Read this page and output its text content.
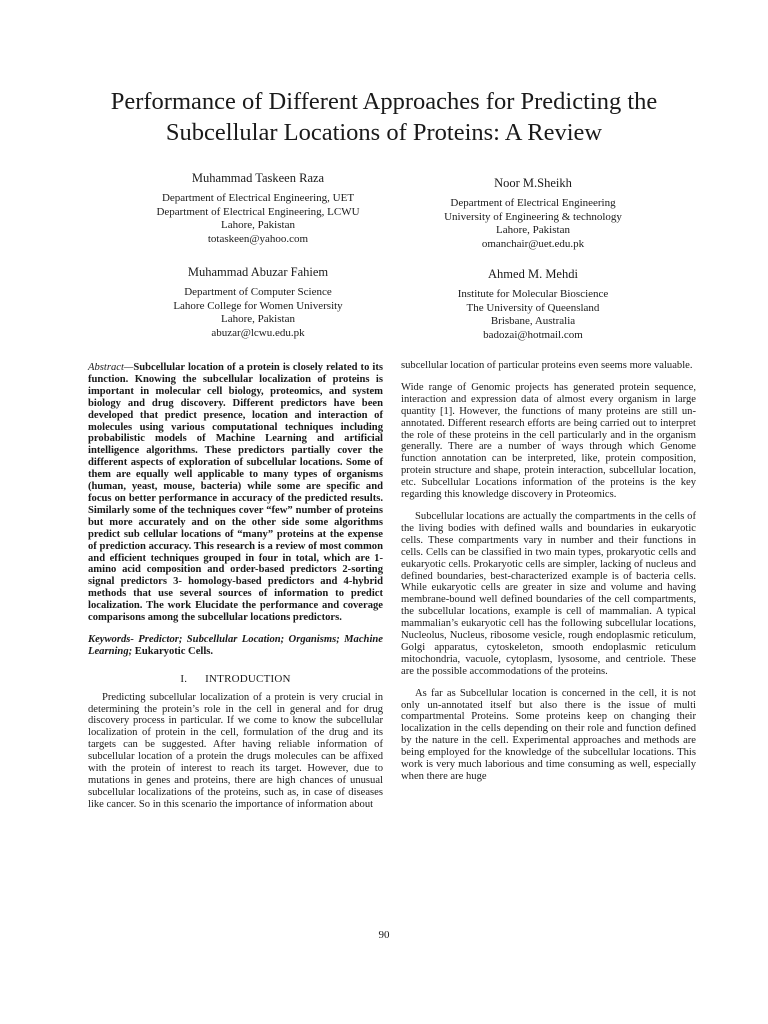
Performance of Different Approaches for Predicting the Subcellular Locations of Proteins: A Review
Muhammad Taskeen Raza
Department of Electrical Engineering, UET
Department of Electrical Engineering, LCWU
Lahore, Pakistan
totaskeen@yahoo.com
Noor M.Sheikh
Department of Electrical Engineering
University of Engineering & technology
Lahore, Pakistan
omanchair@uet.edu.pk
Muhammad Abuzar Fahiem
Department of Computer Science
Lahore College for Women University
Lahore, Pakistan
abuzar@lcwu.edu.pk
Ahmed M. Mehdi
Institute for Molecular Bioscience
The University of Queensland
Brisbane, Australia
badozai@hotmail.com

Abstract—Subcellular location of a protein is closely related to its function. Knowing the subcellular localization of proteins is important in molecular cell biology, proteomics, and system biology and drug discovery. Different predictors have been developed that predict presence, location and interaction of molecules using various computational techniques including probabilistic models of Machine Learning and artificial intelligence algorithms. These predictors partially cover the different aspects of exploration of subcellular locations. Some of them are equally well applicable to many types of organisms (human, yeast, mouse, bacteria) while some are specific and focus on better performance in accuracy of the predicted results. Similarly some of the techniques cover “few” number of proteins but more accurately and on the other side some algorithms predict sub cellular locations of “many” proteins at the expense of prediction accuracy. This research is a review of most common and efficient techniques grouped in four in total, which are 1-amino acid composition and order-based predictors 2-sorting signal predictors 3- homology-based predictors and 4-hybrid methods that use several sources of information to predict localization. The work Elucidate the performance and coverage comparisons among the subcellular locations predictors.

Keywords- Predictor; Subcellular Location; Organisms; Machine Learning; Eukaryotic Cells.

I. INTRODUCTION

Predicting subcellular localization of a protein is very crucial in determining the protein’s role in the cell in general and for drug discovery process in particular. If we come to know the subcellular localization of protein in the cell, formulation of the drug and its targets can be suggested. After having reliable information of subcellular location of a protein the drugs molecules can be affixed with the protein of interest to reach its target. However, due to mutations in genes and proteins, there are high chances of unusual subcellular localizations of the proteins, such as, in case of diseases like cancer. So in this scenario the importance of information about

subcellular location of particular proteins even seems more valuable.

Wide range of Genomic projects has generated protein sequence, interaction and expression data of almost every organism in large quantity [1]. However, the functions of many proteins are still un-annotated. Different research efforts are being carried out to interpret the role of these proteins in the cell particularly and in the organism generally. There are a number of ways through which Genome function annotation can be interpreted, like, protein composition, protein structure and shape, protein interaction, subcellular location, etc. Subcellular Locations information of the proteins is the key regarding this knowledge discovery in Proteomics.

Subcellular locations are actually the compartments in the cells of the living bodies with defined walls and boundaries in eukaryotic cells. These compartments vary in number and their functions in cells. Cells can be classified in two main types, prokaryotic cells and eukaryotic cells. Prokaryotic cells are simpler, lacking of nucleus and defined boundaries, best-characterized example is of bacteria cells. While eukaryotic cells are greater in size and volume and having membrane-bound well defined boundaries of the cell compartments, the subcellular locations, example is cell of mammalian. A typical mammalian’s eukaryotic cell has the following subcellular locations, Nucleolus, Nucleus, ribosome vesicle, rough endoplasmic reticulum, Golgi apparatus, cytoskeleton, smooth endoplasmic reticulum mitochondria, vacuole, cytoplasm, lysosome, and centriole. These are the possible accommodations of the proteins.

As far as Subcellular location is concerned in the cell, it is not only un-annotated itself but also there is the issue of multi compartmental Proteins. Some proteins keep on changing their localization in the cells depending on their role and function defined by the nature in the cell. Experimental approaches and methods are being employed for the knowledge of the subcellular locations. This work is very much laborious and time consuming as well, especially when there are huge

90
